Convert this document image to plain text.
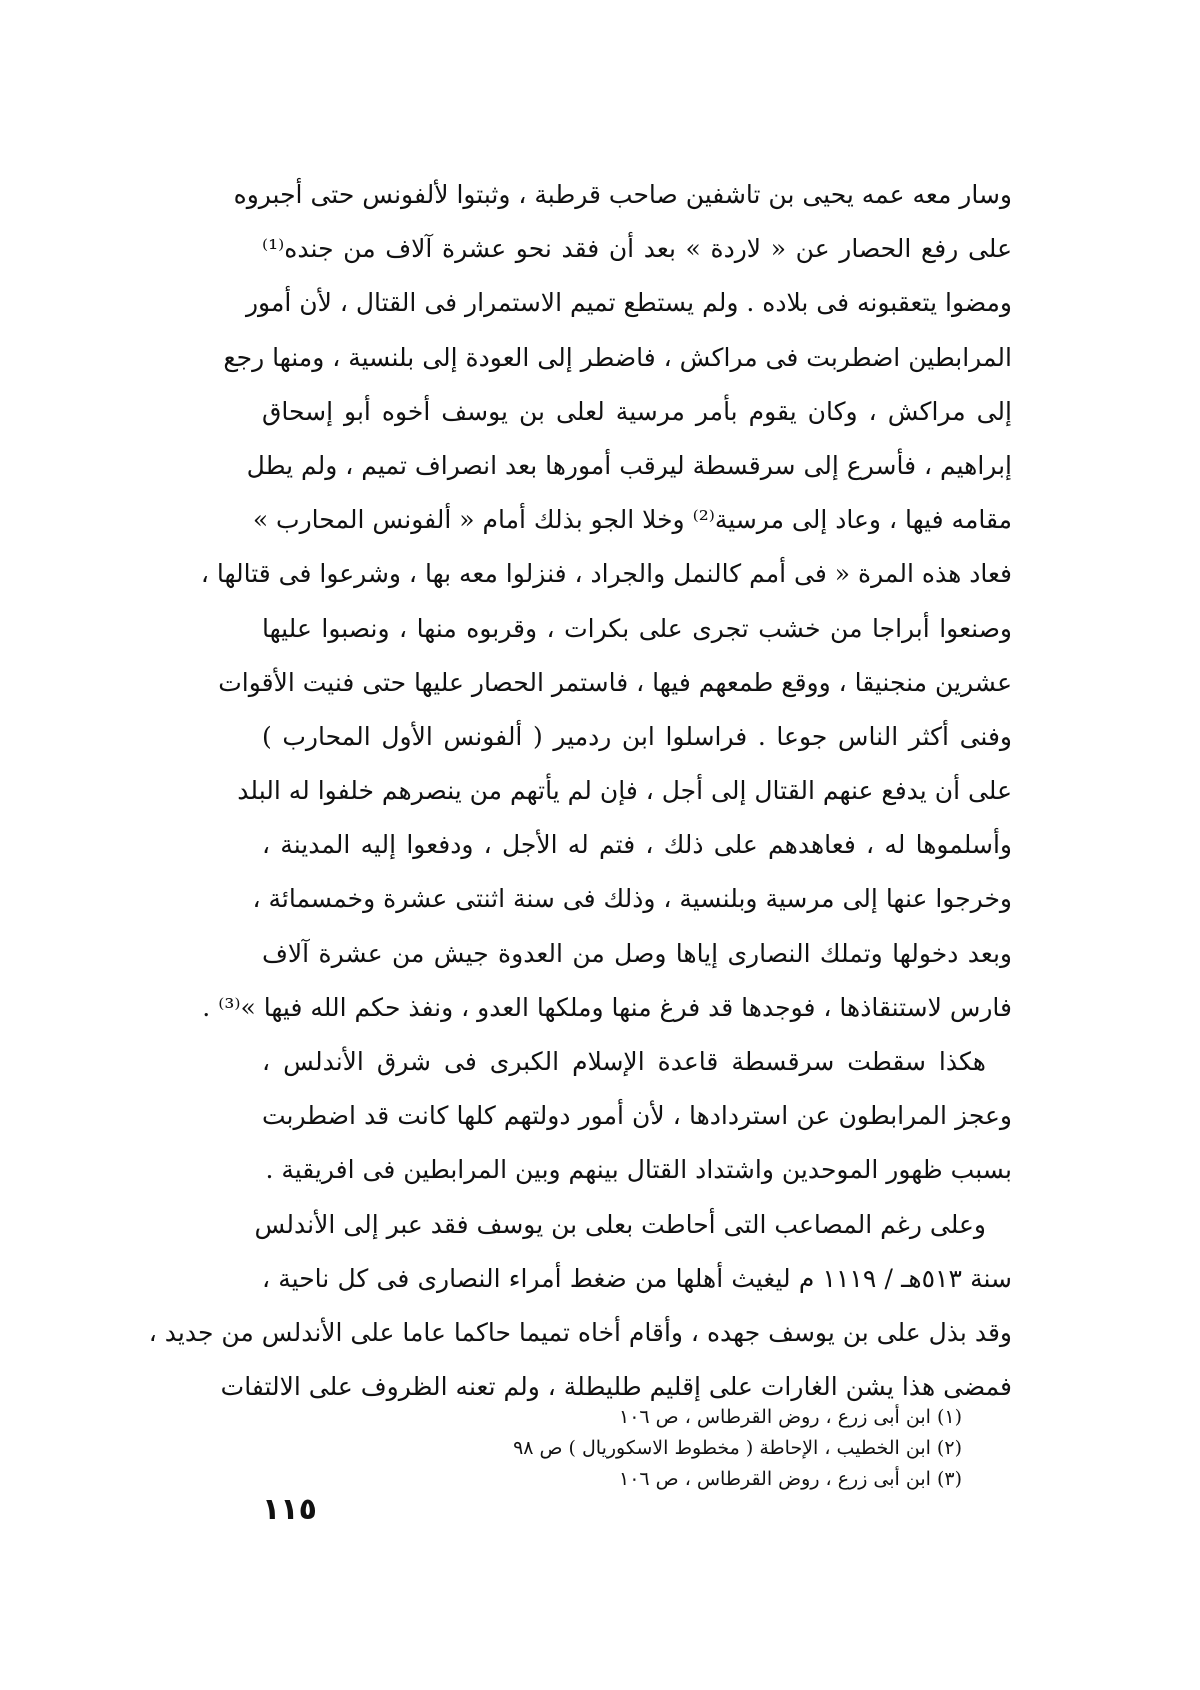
وسار معه عمه يحيى بن تاشفين صاحب قرطبة ، وثبتوا لألفونس حتى أجبروه
على رفع الحصار عن « لاردة » بعد أن فقد نحو عشرة آلاف من جنده⁽¹⁾
ومضوا يتعقبونه فى بلاده . ولم يستطع تميم الاستمرار فى القتال ، لأن أمور
المرابطين اضطربت فى مراكش ، فاضطر إلى العودة إلى بلنسية ، ومنها رجع
إلى مراكش ، وكان يقوم بأمر مرسية لعلى بن يوسف أخوه أبو إسحاق
إبراهيم ، فأسرع إلى سرقسطة ليرقب أمورها بعد انصراف تميم ، ولم يطل
مقامه فيها ، وعاد إلى مرسية⁽²⁾ وخلا الجو بذلك أمام « ألفونس المحارب »
فعاد هذه المرة « فى أمم كالنمل والجراد ، فنزلوا معه بها ، وشرعوا فى قتالها ،
وصنعوا أبراجا من خشب تجرى على بكرات ، وقربوه منها ، ونصبوا عليها
عشرين منجنيقا ، ووقع طمعهم فيها ، فاستمر الحصار عليها حتى فنيت الأقوات
وفنى أكثر الناس جوعا . فراسلوا ابن ردمير ( ألفونس الأول المحارب )
على أن يدفع عنهم القتال إلى أجل ، فإن لم يأتهم من ينصرهم خلفوا له البلد
وأسلموها له ، فعاهدهم على ذلك ، فتم له الأجل ، ودفعوا إليه المدينة ،
وخرجوا عنها إلى مرسية وبلنسية ، وذلك فى سنة اثنتى عشرة وخمسمائة ،
وبعد دخولها وتملك النصارى إياها وصل من العدوة جيش من عشرة آلاف
فارس لاستنقاذها ، فوجدها قد فرغ منها وملكها العدو ، ونفذ حكم الله فيها »⁽³⁾ .
هكذا سقطت سرقسطة قاعدة الإسلام الكبرى فى شرق الأندلس ،
وعجز المرابطون عن استردادها ، لأن أمور دولتهم كلها كانت قد اضطربت
بسبب ظهور الموحدين واشتداد القتال بينهم وبين المرابطين فى افريقية .
وعلى رغم المصاعب التى أحاطت بعلى بن يوسف فقد عبر إلى الأندلس
سنة ٥١٣هـ / ١١١٩ م ليغيث أهلها من ضغط أمراء النصارى فى كل ناحية ،
وقد بذل على بن يوسف جهده ، وأقام أخاه تميما حاكما عاما على الأندلس من جديد ،
فمضى هذا يشن الغارات على إقليم طليطلة ، ولم تعنه الظروف على الالتفات
(١) ابن أبى زرع ، روض القرطاس ، ص ١٠٦
(٢) ابن الخطيب ، الإحاطة ( مخطوط الاسكوريال ) ص ٩٨
(٣) ابن أبى زرع ، روض القرطاس ، ص ١٠٦
١١٥
